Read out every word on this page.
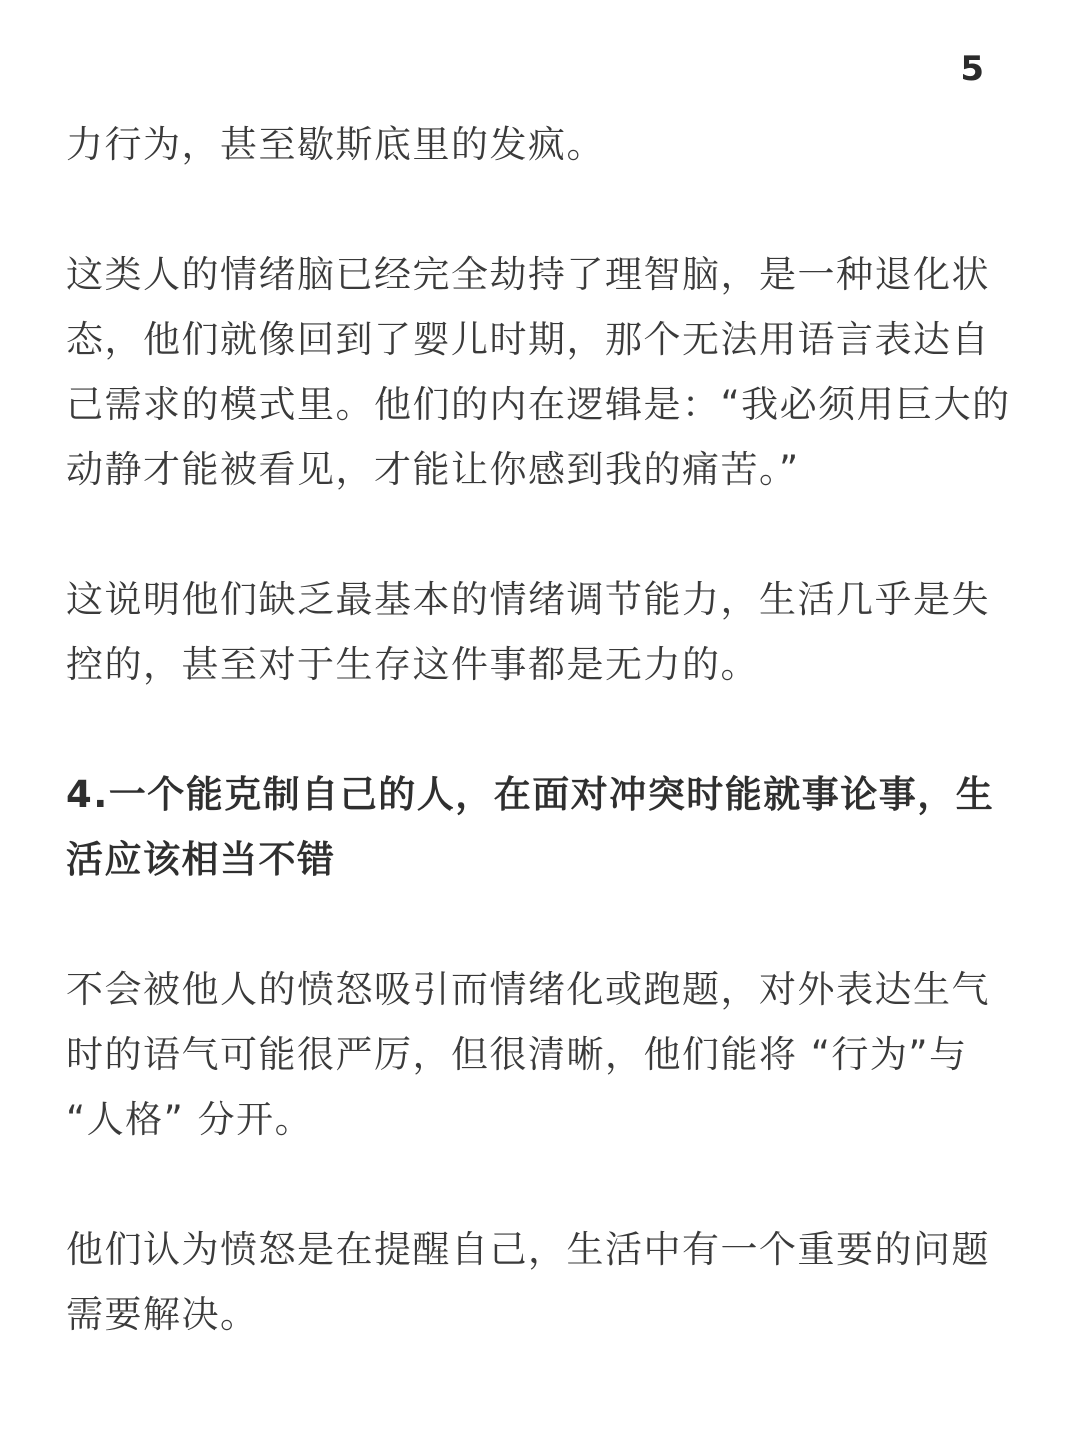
5

力行为，甚至歇斯底里的发疯。

这类人的情绪脑已经完全劫持了理智脑，是一种退化状态，他们就像回到了婴儿时期，那个无法用语言表达自己需求的模式里。他们的内在逻辑是：“我必须用巨大的动静才能被看见，才能让你感到我的痛苦。”

这说明他们缺乏最基本的情绪调节能力，生活几乎是失控的，甚至对于生存这件事都是无力的。

4.一个能克制自己的人，在面对冲突时能就事论事，生活应该相当不错

不会被他人的愤怒吸引而情绪化或跑题，对外表达生气时的语气可能很严厉，但很清晰，他们能将 “行为”与 “人格” 分开。

他们认为愤怒是在提醒自己，生活中有一个重要的问题需要解决。
